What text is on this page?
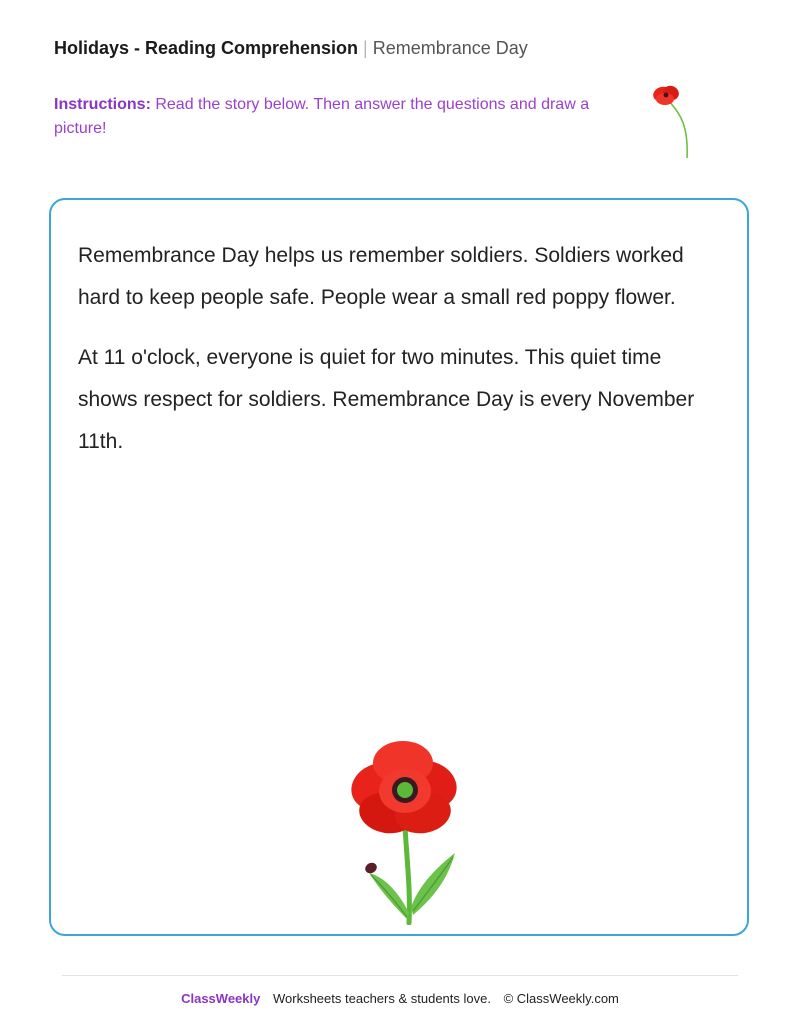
Holidays - Reading Comprehension | Remembrance Day
Instructions: Read the story below. Then answer the questions and draw a picture!

Remembrance Day helps us remember soldiers. Soldiers worked hard to keep people safe. People wear a small red poppy flower.

At 11 o'clock, everyone is quiet for two minutes. This quiet time shows respect for soldiers. Remembrance Day is every November 11th.

ClassWeekly Worksheets teachers & students love. © ClassWeekly.com
